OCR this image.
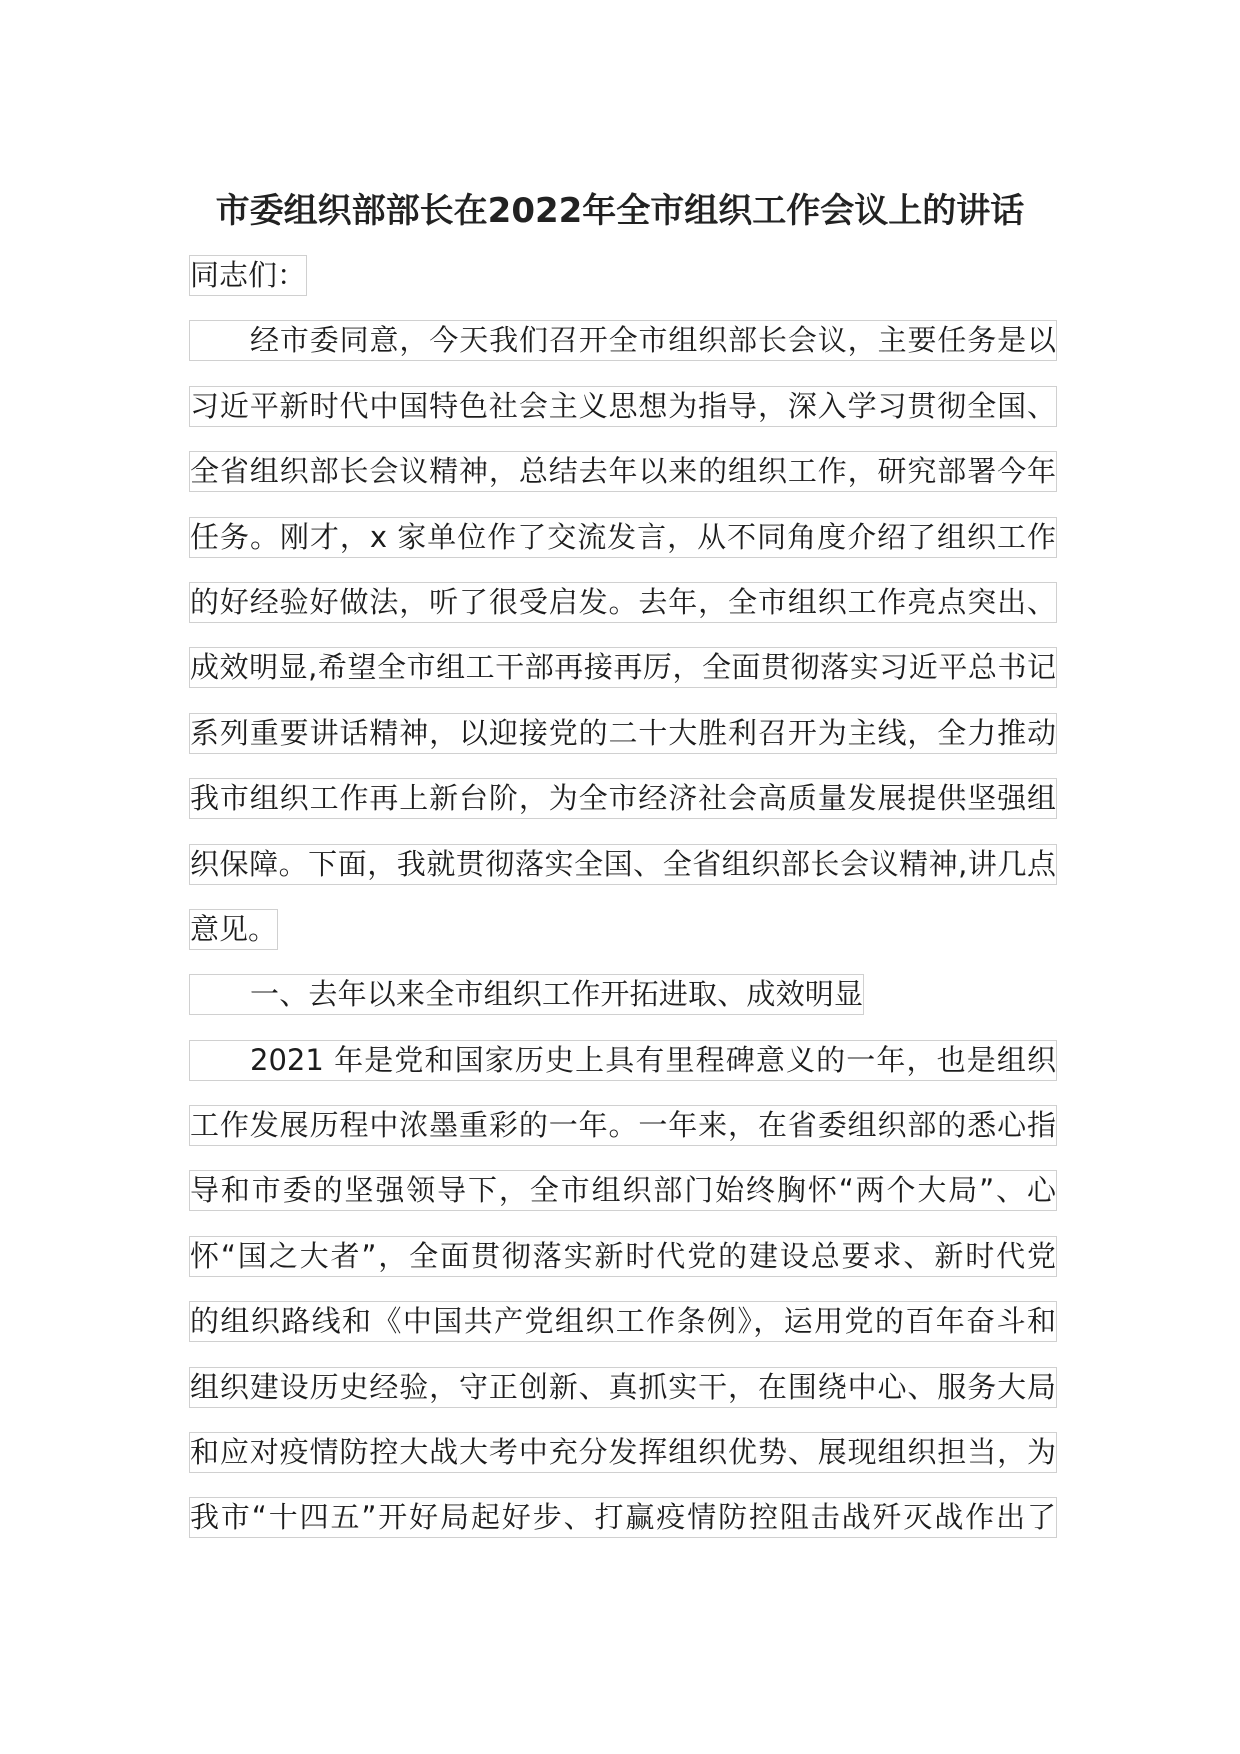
市委组织部部长在2022年全市组织工作会议上的讲话
同志们：
经市委同意，今天我们召开全市组织部长会议，主要任务是以
习近平新时代中国特色社会主义思想为指导，深入学习贯彻全国、
全省组织部长会议精神，总结去年以来的组织工作，研究部署今年
任务。刚才，x 家单位作了交流发言，从不同角度介绍了组织工作
的好经验好做法，听了很受启发。去年，全市组织工作亮点突出、
成效明显,希望全市组工干部再接再厉，全面贯彻落实习近平总书记
系列重要讲话精神，以迎接党的二十大胜利召开为主线，全力推动
我市组织工作再上新台阶，为全市经济社会高质量发展提供坚强组
织保障。下面，我就贯彻落实全国、全省组织部长会议精神,讲几点
意见。
一、去年以来全市组织工作开拓进取、成效明显
2021 年是党和国家历史上具有里程碑意义的一年，也是组织
工作发展历程中浓墨重彩的一年。一年来，在省委组织部的悉心指
导和市委的坚强领导下，全市组织部门始终胸怀“两个大局”、心
怀“国之大者”，全面贯彻落实新时代党的建设总要求、新时代党
的组织路线和《中国共产党组织工作条例》，运用党的百年奋斗和
组织建设历史经验，守正创新、真抓实干，在围绕中心、服务大局
和应对疫情防控大战大考中充分发挥组织优势、展现组织担当，为
我市“十四五”开好局起好步、打赢疫情防控阻击战歼灭战作出了
